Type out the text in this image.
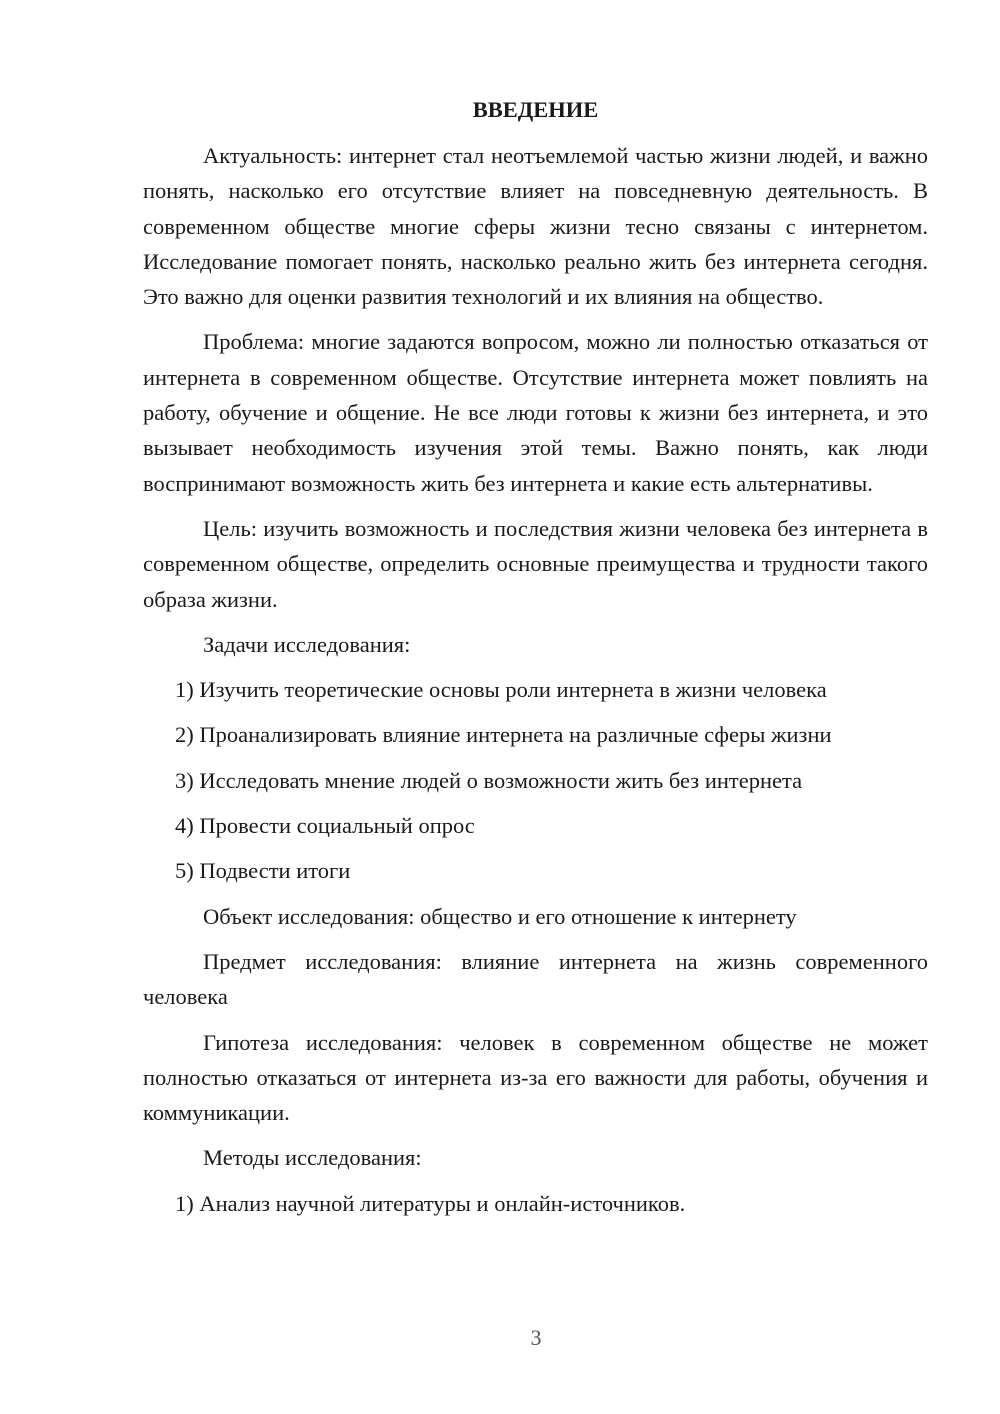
ВВЕДЕНИЕ
Актуальность: интернет стал неотъемлемой частью жизни людей, и важно понять, насколько его отсутствие влияет на повседневную деятельность. В современном обществе многие сферы жизни тесно связаны с интернетом. Исследование помогает понять, насколько реально жить без интернета сегодня. Это важно для оценки развития технологий и их влияния на общество.
Проблема: многие задаются вопросом, можно ли полностью отказаться от интернета в современном обществе. Отсутствие интернета может повлиять на работу, обучение и общение. Не все люди готовы к жизни без интернета, и это вызывает необходимость изучения этой темы. Важно понять, как люди воспринимают возможность жить без интернета и какие есть альтернативы.
Цель: изучить возможность и последствия жизни человека без интернета в современном обществе, определить основные преимущества и трудности такого образа жизни.
Задачи исследования:
1) Изучить теоретические основы роли интернета в жизни человека
2) Проанализировать влияние интернета на различные сферы жизни
3) Исследовать мнение людей о возможности жить без интернета
4) Провести социальный опрос
5) Подвести итоги
Объект исследования: общество и его отношение к интернету
Предмет исследования: влияние интернета на жизнь современного человека
Гипотеза исследования: человек в современном обществе не может полностью отказаться от интернета из-за его важности для работы, обучения и коммуникации.
Методы исследования:
1) Анализ научной литературы и онлайн-источников.
3
